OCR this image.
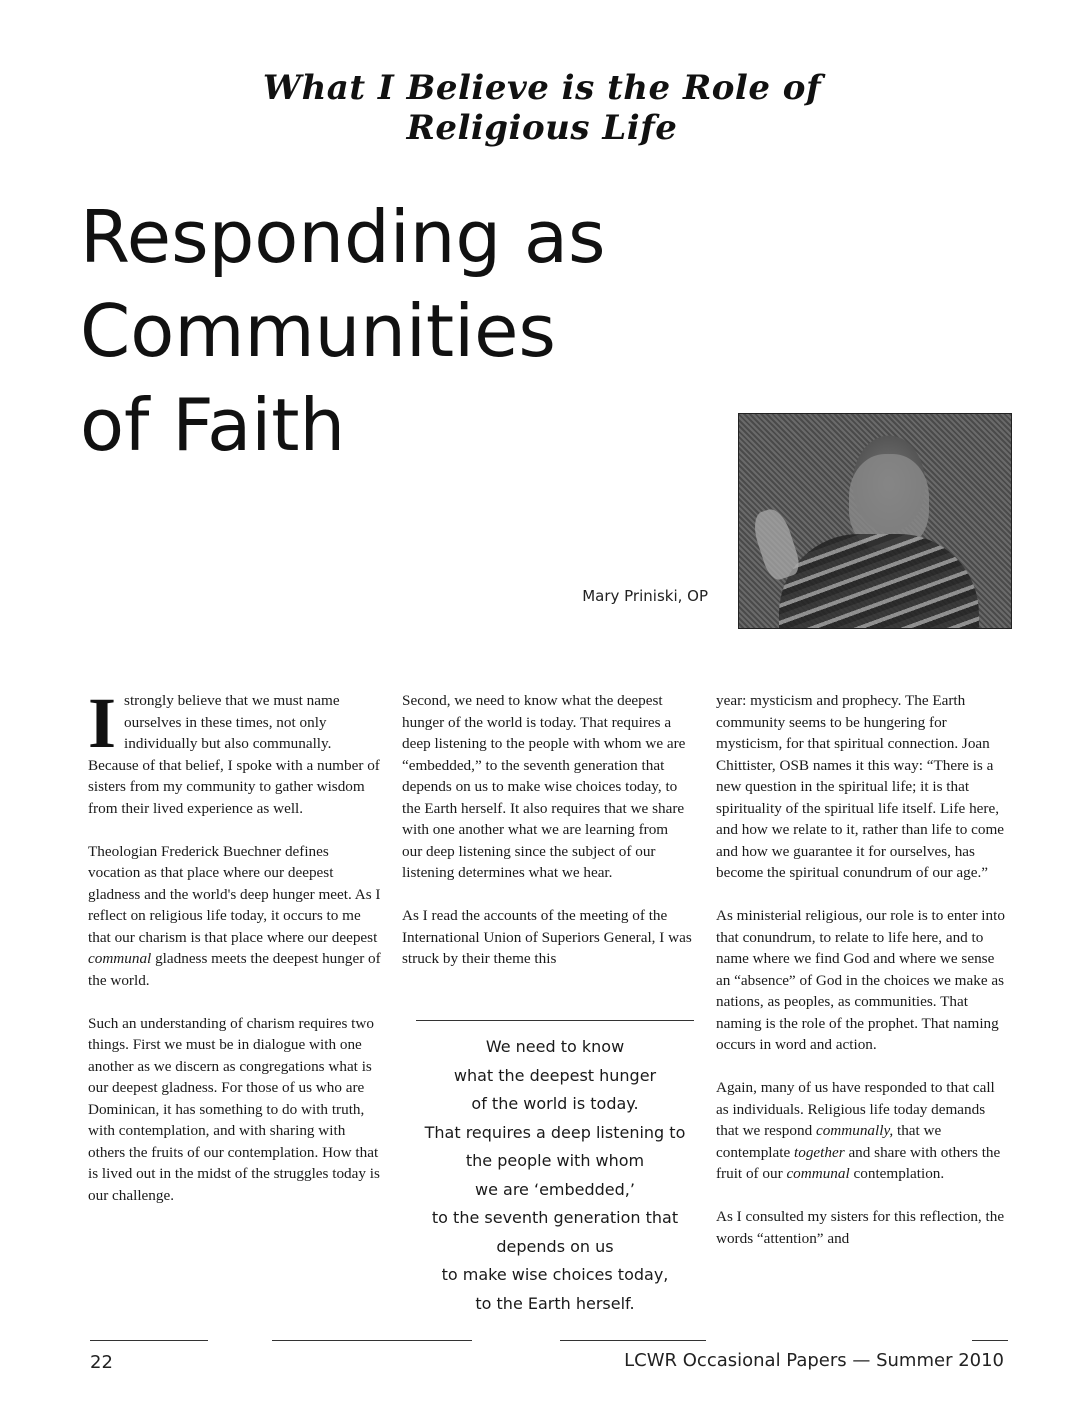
What I Believe is the Role of Religious Life
Responding as
Communities
of Faith
Mary Priniski, OP

Istrongly believe that we must name ourselves in these times, not only individually but also communally. Because of that belief, I spoke with a number of sisters from my community to gather wisdom from their lived experience as well.

Theologian Frederick Buechner defines vocation as that place where our deepest gladness and the world's deep hunger meet. As I reflect on religious life today, it occurs to me that our charism is that place where our deepest communal gladness meets the deepest hunger of the world.

Such an understanding of charism requires two things. First we must be in dialogue with one another as we discern as congregations what is our deepest gladness. For those of us who are Dominican, it has something to do with truth, with contemplation, and with sharing with others the fruits of our contemplation. How that is lived out in the midst of the struggles today is our challenge.

Second, we need to know what the deepest hunger of the world is today. That requires a deep listening to the people with whom we are “embedded,” to the seventh generation that depends on us to make wise choices today, to the Earth herself. It also requires that we share with one another what we are learning from our deep listening since the subject of our listening determines what we hear.

As I read the accounts of the meeting of the International Union of Superiors General, I was struck by their theme this

We need to know
what the deepest hunger
of the world is today.
That requires a deep listening to
the people with whom
we are ‘embedded,’
to the seventh generation that
depends on us
to make wise choices today,
to the Earth herself.

year: mysticism and prophecy. The Earth community seems to be hungering for mysticism, for that spiritual connection. Joan Chittister, OSB names it this way: “There is a new question in the spiritual life; it is that spirituality of the spiritual life itself. Life here, and how we relate to it, rather than life to come and how we guarantee it for ourselves, has become the spiritual conundrum of our age.”

As ministerial religious, our role is to enter into that conundrum, to relate to life here, and to name where we find God and where we sense an “absence” of God in the choices we make as nations, as peoples, as communities. That naming is the role of the prophet. That naming occurs in word and action.

Again, many of us have responded to that call as individuals. Religious life today demands that we respond communally, that we contemplate together and share with others the fruit of our communal contemplation.

As I consulted my sisters for this reflection, the words “attention” and

22	LCWR Occasional Papers — Summer 2010
